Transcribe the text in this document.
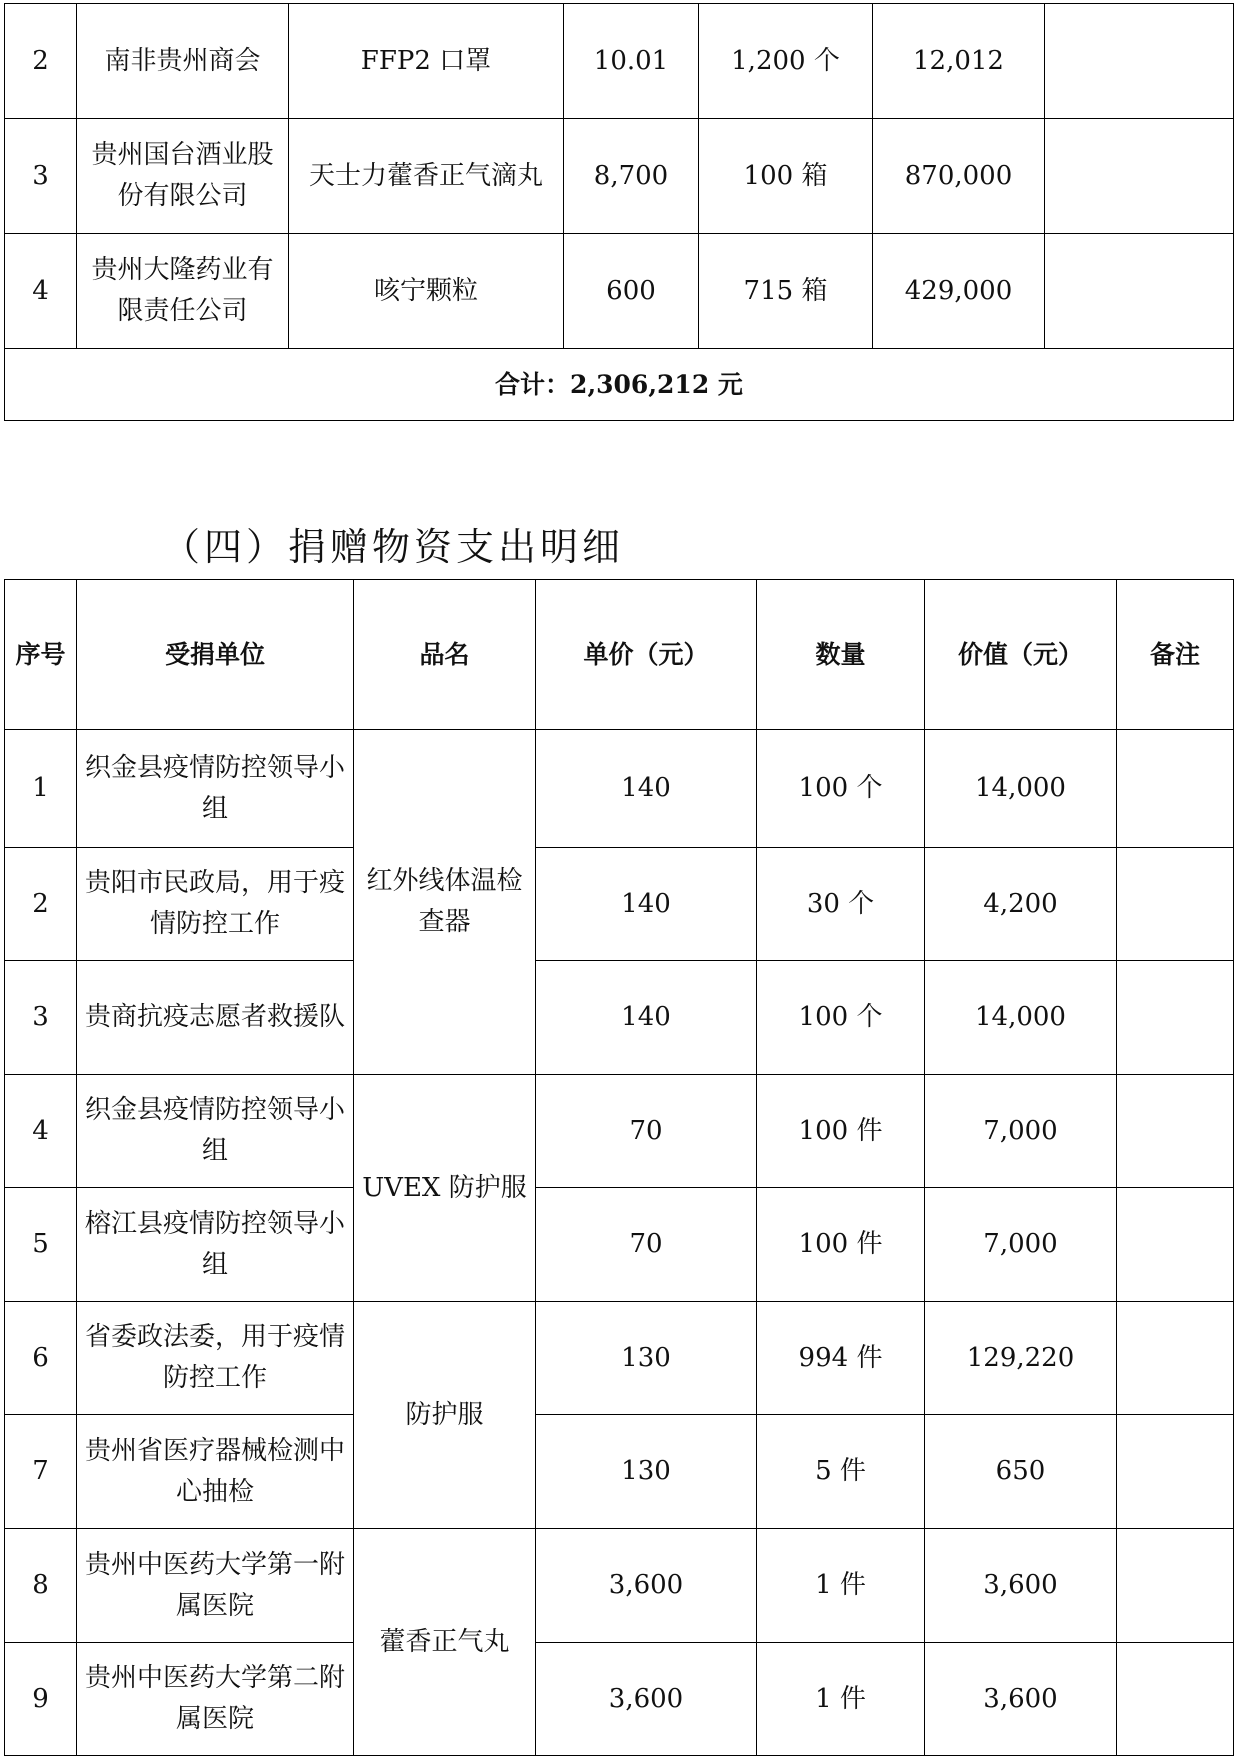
2	南非贵州商会	FFP2 口罩	10.01	1,200 个	12,012	
3	贵州国台酒业股份有限公司	天士力藿香正气滴丸	8,700	100 箱	870,000	
4	贵州大隆药业有限责任公司	咳宁颗粒	600	715 箱	429,000	
合计：2,306,212 元						
（四）捐赠物资支出明细
序号	受捐单位	品名	单价（元）	数量	价值（元）	备注
1	织金县疫情防控领导小组	红外线体温检查器	140	100 个	14,000	
2	贵阳市民政局，用于疫情防控工作		140	30 个	4,200	
3	贵商抗疫志愿者救援队		140	100 个	14,000	
4	织金县疫情防控领导小组	UVEX 防护服	70	100 件	7,000	
5	榕江县疫情防控领导小组		70	100 件	7,000	
6	省委政法委，用于疫情防控工作	防护服	130	994 件	129,220	
7	贵州省医疗器械检测中心抽检		130	5 件	650	
8	贵州中医药大学第一附属医院	藿香正气丸	3,600	1 件	3,600	
9	贵州中医药大学第二附属医院		3,600	1 件	3,600	
